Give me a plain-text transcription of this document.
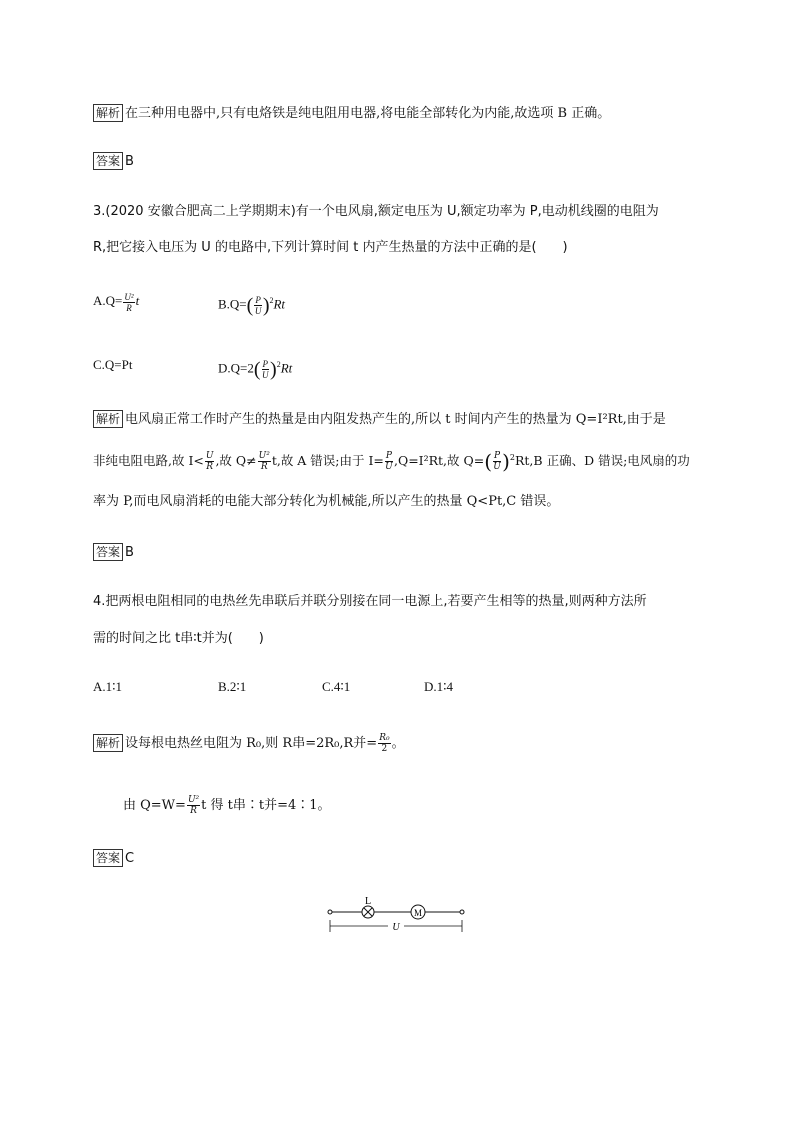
解析 在三种用电器中,只有电烙铁是纯电阻用电器,将电能全部转化为内能,故选项 B 正确。
答案 B
3.(2020 安徽合肥高二上学期期末)有一个电风扇,额定电压为 U,额定功率为 P,电动机线圈的电阻为
R,把它接入电压为 U 的电路中,下列计算时间 t 内产生热量的方法中正确的是(　　)
$A.Q= \frac{\text{U²}}{R}$ t	$B.Q=( \frac{P}{U} )^2Rt$
C.Q=Pt	$D.Q=2( \frac{P}{U} )^2Rt$
解析 电风扇正常工作时产生的热量是由内阻发热产生的,所以 t 时间内产生的热量为 Q=I²Rt,由于是
非纯电阻电路,故 $I< \frac{U}{R}$ ,故 $Q\ne \frac{\text{U²}}{R} t$,故 A 错误;由于 $I= \frac{P}{U} ,Q=I^2Rt$,故 $Q=( \frac{P}{U} )^2Rt,B$ 正确、D 错误;电风扇的功
率为 P,而电风扇消耗的电能大部分转化为机械能,所以产生的热量 Q<Pt,C 错误。
答案 B
4.把两根电阻相同的电热丝先串联后并联分别接在同一电源上,若要产生相等的热量,则两种方法所
需的时间之比 t串∶t并为(　　)
A.1∶1	B.2∶1	C.4∶1	D.1∶4
解析 设每根电热丝电阻为 R₀,则 R串=2R₀,R并= $\frac{\text{R₀}}{2}$ 。
由 $Q=W= \frac{\text{U²}}{R}$ t 得 t串∶t并=4∶1。
答案 C
L
M
U
